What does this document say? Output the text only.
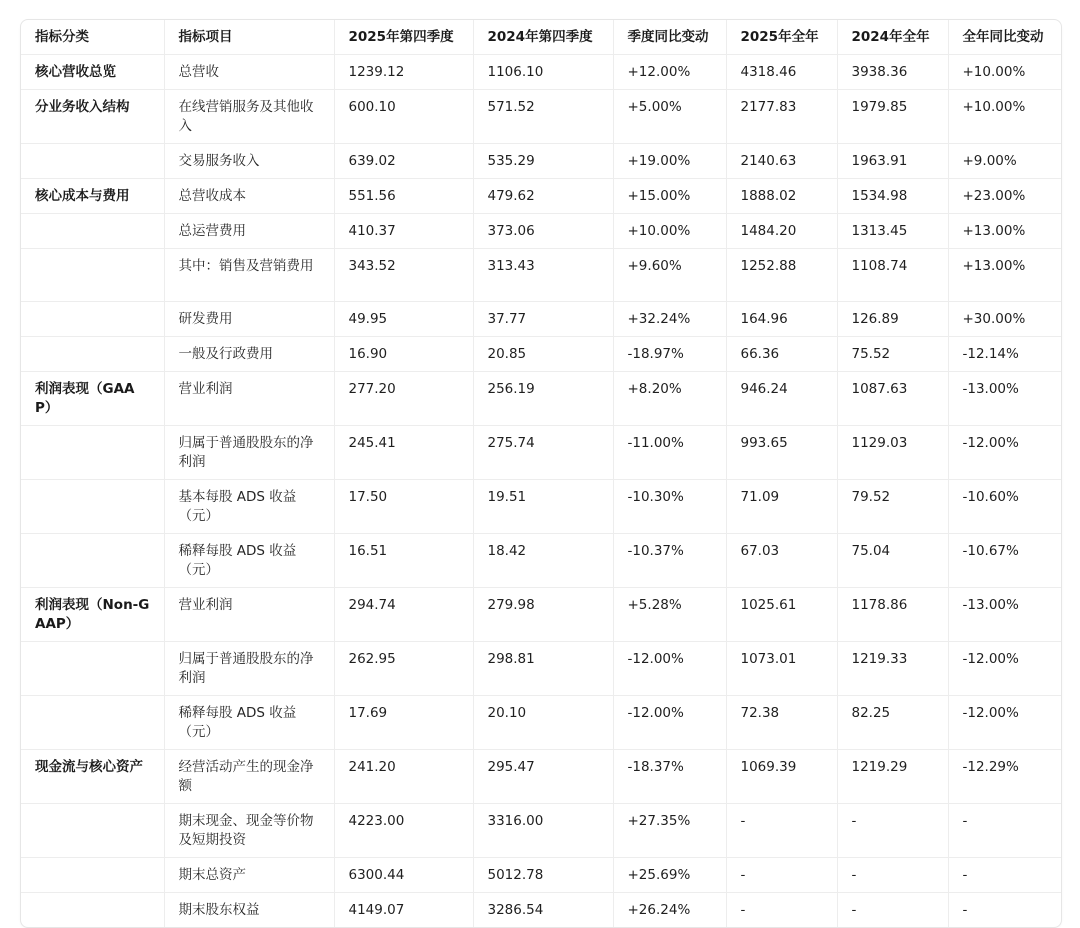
指标分类	指标项目	2025年第四季度	2024年第四季度	季度同比变动	2025年全年	2024年全年	全年同比变动
核心营收总览	总营收	1239.12	1106.10	+12.00%	4318.46	3938.36	+10.00%
分业务收入结构	在线营销服务及其他收入	600.10	571.52	+5.00%	2177.83	1979.85	+10.00%
	交易服务收入	639.02	535.29	+19.00%	2140.63	1963.91	+9.00%
核心成本与费用	总营收成本	551.56	479.62	+15.00%	1888.02	1534.98	+23.00%
	总运营费用	410.37	373.06	+10.00%	1484.20	1313.45	+13.00%
	其中：销售及营销费用	343.52	313.43	+9.60%	1252.88	1108.74	+13.00%
	研发费用	49.95	37.77	+32.24%	164.96	126.89	+30.00%
	一般及行政费用	16.90	20.85	-18.97%	66.36	75.52	-12.14%
利润表现（GAAP）	营业利润	277.20	256.19	+8.20%	946.24	1087.63	-13.00%
	归属于普通股股东的净利润	245.41	275.74	-11.00%	993.65	1129.03	-12.00%
	基本每股 ADS 收益（元）	17.50	19.51	-10.30%	71.09	79.52	-10.60%
	稀释每股 ADS 收益（元）	16.51	18.42	-10.37%	67.03	75.04	-10.67%
利润表现（Non-GAAP）	营业利润	294.74	279.98	+5.28%	1025.61	1178.86	-13.00%
	归属于普通股股东的净利润	262.95	298.81	-12.00%	1073.01	1219.33	-12.00%
	稀释每股 ADS 收益（元）	17.69	20.10	-12.00%	72.38	82.25	-12.00%
现金流与核心资产	经营活动产生的现金净额	241.20	295.47	-18.37%	1069.39	1219.29	-12.29%
	期末现金、现金等价物及短期投资	4223.00	3316.00	+27.35%	-	-	-
	期末总资产	6300.44	5012.78	+25.69%	-	-	-
	期末股东权益	4149.07	3286.54	+26.24%	-	-	-
